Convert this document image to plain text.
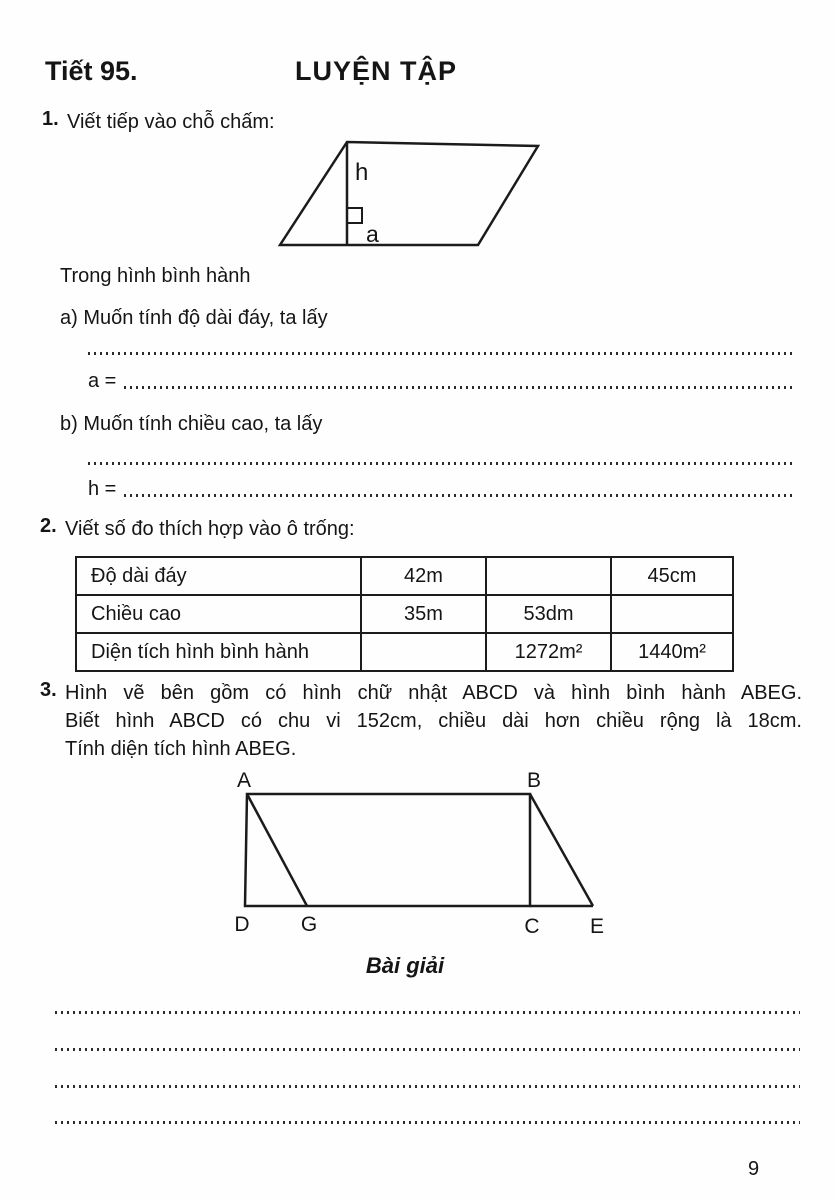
Tiết 95.	LUYỆN TẬP
1. Viết tiếp vào chỗ chấm:
h
a
Trong hình bình hành
a) Muốn tính độ dài đáy, ta lấy
a =
b) Muốn tính chiều cao, ta lấy
h =
2. Viết số đo thích hợp vào ô trống:
Độ dài đáy	42m		45cm
Chiều cao	35m	53dm	
Diện tích hình bình hành		1272m²	1440m²
3. Hình vẽ bên gồm có hình chữ nhật ABCD và hình bình hành ABEG.
Biết hình ABCD có chu vi 152cm, chiều dài hơn chiều rộng là 18cm.
Tính diện tích hình ABEG.
A	B
D G	C E
Bài giải
9
